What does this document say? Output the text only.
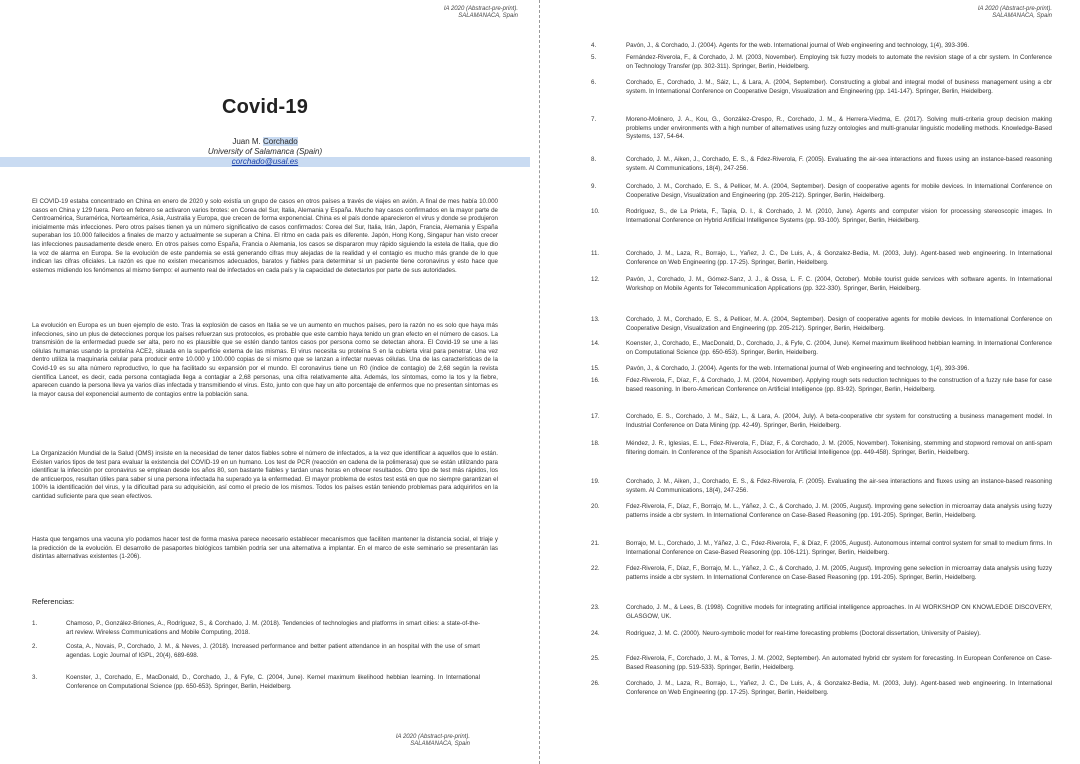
IA 2020 (Abstract-pre-print).
SALAMANACA, Spain
Covid-19
Juan M. Corchado
University of Salamanca (Spain)
corchado@usal.es

El COVID-19 estaba concentrado en China en enero de 2020 y solo existía un grupo de casos en otros países a través de viajes en avión. A final de mes había 10.000 casos en China y 129 fuera. Pero en febrero se activaron varios brotes: en Corea del Sur, Italia, Alemania y España. Mucho hay casos confirmados en la mayor parte de Centroamérica, Suramérica, Norteamérica, Asia, Australia y Europa, que crecen de forma exponencial. China es el país donde aparecieron el virus y donde se produjeron inicialmente más infecciones. Pero otros países tienen ya un número significativo de casos confirmados: Corea del Sur, Italia, Irán, Japón, Francia, Alemania y España superaban los 10.000 fallecidos a finales de marzo y actualmente se superan a China. El ritmo en cada país es diferente. Japón, Hong Kong, Singapur han visto crecer las infecciones pausadamente desde enero. En otros países como España, Francia o Alemania, los casos se dispararon muy rápido siguiendo la estela de Italia, que dio la voz de alarma en Europa. Se la evolución de este pandemia se está generando cifras muy alejadas de la realidad y el contagio es mucho más grande de lo que indican las cifras oficiales. La razón es que no existen mecanismos adecuados, baratos y fiables para determinar si un paciente tiene coronavirus y esto hace que estemos midiendo los fenómenos al mismo tiempo: el aumento real de infectados en cada país y la capacidad de detectarlos por parte de sus autoridades.

La evolución en Europa es un buen ejemplo de esto. Tras la explosión de casos en Italia se ve un aumento en muchos países, pero la razón no es solo que haya más infecciones, sino un plus de detecciones porque los países refuerzan sus protocolos, es probable que este cambio haya tenido un gran efecto en el número de casos. La transmisión de la enfermedad puede ser alta, pero no es plausible que se estén dando tantos casos por persona como se detectan ahora. El Covid-19 se une a las células humanas usando la proteína ACE2, situada en la superficie externa de las mismas. El virus necesita su proteína S en la cubierta viral para penetrar. Una vez dentro utiliza la maquinaria celular para producir entre 10.000 y 100.000 copias de sí mismo que se lanzan a infectar nuevas células. Una de las características de la Covid-19 es su alta número reproductivo, lo que ha facilitado su expansión por el mundo. El coronavirus tiene un R0 (índice de contagio) de 2,68 según la revista científica Lancet, es decir, cada persona contagiada llega a contagiar a 2,68 personas, una cifra relativamente alta. Además, los síntomas, como la tos y la fiebre, aparecen cuando la persona lleva ya varios días infectada y transmitiendo el virus. Esto, junto con que hay un alto porcentaje de enfermos que no presentan síntomas es la mayor causa del exponencial aumento de contagios entre la población sana.

La Organización Mundial de la Salud (OMS) insiste en la necesidad de tener datos fiables sobre el número de infectados, a la vez que identificar a aquellos que lo están. Existen varios tipos de test para evaluar la existencia del COVID-19 en un humano. Los test de PCR (reacción en cadena de la polimerasa) que se están utilizando para identificar la infección por coronavirus se emplean desde los años 80, son bastante fiables y tardan unas horas en ofrecer resultados. Otro tipo de test más rápidos, los de anticuerpos, resultan útiles para saber si una persona infectada ha superado ya la enfermedad. El mayor problema de estos test está en que no siempre garantizan el 100% la identificación del virus, y la dificultad para su adquisición, así como el precio de los mismos. Todos los países están teniendo problemas para adquirirlos en la cantidad suficiente para que sean efectivos.

Hasta que tengamos una vacuna y/o podamos hacer test de forma masiva parece necesario establecer mecanismos que faciliten mantener la distancia social, el triaje y la predicción de la evolución. El desarrollo de pasaportes biológicos también podría ser una alternativa a implantar. En el marco de este seminario se presentarán las distintas alternativas existentes (1-206).

Referencias:
1.	Chamoso, P., González-Briones, A., Rodríguez, S., & Corchado, J. M. (2018). Tendencies of technologies and platforms in smart cities: a state-of-the-art review. Wireless Communications and Mobile Computing, 2018.
2.	Costa, A., Novais, P., Corchado, J. M., & Neves, J. (2018). Increased performance and better patient attendance in an hospital with the use of smart agendas. Logic Journal of IGPL, 20(4), 689-698.
3.	Koenster, J., Corchado, E., MacDonald, D., Corchado, J., & Fyfe, C. (2004, June). Kernel maximum likelihood hebbian learning. In International Conference on Computational Science (pp. 650-653). Springer, Berlin, Heidelberg.
IA 2020 (Abstract-pre-print).
SALAMANACA, Spain
IA 2020 (Abstract-pre-print).
SALAMANACA, Spain
4.	Pavón, J., & Corchado, J. (2004). Agents for the web. International journal of Web engineering and technology, 1(4), 393-396.
5.	Fernández-Riverola, F., & Corchado, J. M. (2003, November). Employing tsk fuzzy models to automate the revision stage of a cbr system. In Conference on Technology Transfer (pp. 302-311). Springer, Berlin, Heidelberg.
6.	Corchado, E., Corchado, J. M., Sáiz, L., & Lara, A. (2004, September). Constructing a global and integral model of business management using a cbr system. In International Conference on Cooperative Design, Visualization and Engineering (pp. 141-147). Springer, Berlin, Heidelberg.
7.	Moreno-Molinero, J. A., Kou, G., González-Crespo, R., Corchado, J. M., & Herrera-Viedma, E. (2017). Solving multi-criteria group decision making problems under environments with a high number of alternatives using fuzzy ontologies and multi-granular linguistic modelling methods. Knowledge-Based Systems, 137, 54-64.
8.	Corchado, J. M., Aiken, J., Corchado, E. S., & Fdez-Riverola, F. (2005). Evaluating the air-sea interactions and fluxes using an instance-based reasoning system. AI Communications, 18(4), 247-256.
9.	Corchado, J. M., Corchado, E. S., & Pellicer, M. A. (2004, September). Design of cooperative agents for mobile devices. In International Conference on Cooperative Design, Visualization and Engineering (pp. 205-212). Springer, Berlin, Heidelberg.
10.	Rodríguez, S., de La Prieta, F., Tapia, D. I., & Corchado, J. M. (2010, June). Agents and computer vision for processing stereoscopic images. In International Conference on Hybrid Artificial Intelligence Systems (pp. 93-100). Springer, Berlin, Heidelberg.
11.	Corchado, J. M., Laza, R., Borrajo, L., Yañez, J. C., De Luis, A., & Gonzalez-Bedia, M. (2003, July). Agent-based web engineering. In International Conference on Web Engineering (pp. 17-25). Springer, Berlin, Heidelberg.
12.	Pavón, J., Corchado, J. M., Gómez-Sanz, J. J., & Ossa, L. F. C. (2004, October). Mobile tourist guide services with software agents. In International Workshop on Mobile Agents for Telecommunication Applications (pp. 322-330). Springer, Berlin, Heidelberg.
13.	Corchado, J. M., Corchado, E. S., & Pellicer, M. A. (2004, September). Design of cooperative agents for mobile devices. In International Conference on Cooperative Design, Visualization and Engineering (pp. 205-212). Springer, Berlin, Heidelberg.
14.	Koenster, J., Corchado, E., MacDonald, D., Corchado, J., & Fyfe, C. (2004, June). Kernel maximum likelihood hebbian learning. In International Conference on Computational Science (pp. 650-653). Springer, Berlin, Heidelberg.
15.	Pavón, J., & Corchado, J. (2004). Agents for the web. International journal of Web engineering and technology, 1(4), 393-396.
16.	Fdez-Riverola, F., Díaz, F., & Corchado, J. M. (2004, November). Applying rough sets reduction techniques to the construction of a fuzzy rule base for case based reasoning. In Ibero-American Conference on Artificial Intelligence (pp. 83-92). Springer, Berlin, Heidelberg.
17.	Corchado, E. S., Corchado, J. M., Sáiz, L., & Lara, A. (2004, July). A beta-cooperative cbr system for constructing a business management model. In Industrial Conference on Data Mining (pp. 42-49). Springer, Berlin, Heidelberg.
18.	Méndez, J. R., Iglesias, E. L., Fdez-Riverola, F., Díaz, F., & Corchado, J. M. (2005, November). Tokenising, stemming and stopword removal on anti-spam filtering domain. In Conference of the Spanish Association for Artificial Intelligence (pp. 449-458). Springer, Berlin, Heidelberg.
19.	Corchado, J. M., Aiken, J., Corchado, E. S., & Fdez-Riverola, F. (2005). Evaluating the air-sea interactions and fluxes using an instance-based reasoning system. AI Communications, 18(4), 247-256.
20.	Fdez-Riverola, F., Díaz, F., Borrajo, M. L., Yáñez, J. C., & Corchado, J. M. (2005, August). Improving gene selection in microarray data analysis using fuzzy patterns inside a cbr system. In International Conference on Case-Based Reasoning (pp. 191-205). Springer, Berlin, Heidelberg.
21.	Borrajo, M. L., Corchado, J. M., Yáñez, J. C., Fdez-Riverola, F., & Díaz, F. (2005, August). Autonomous internal control system for small to medium firms. In International Conference on Case-Based Reasoning (pp. 106-121). Springer, Berlin, Heidelberg.
22.	Fdez-Riverola, F., Díaz, F., Borrajo, M. L., Yáñez, J. C., & Corchado, J. M. (2005, August). Improving gene selection in microarray data analysis using fuzzy patterns inside a cbr system. In International Conference on Case-Based Reasoning (pp. 191-205). Springer, Berlin, Heidelberg.
23.	Corchado, J. M., & Lees, B. (1998). Cognitive models for integrating artificial intelligence approaches. In AI WORKSHOP ON KNOWLEDGE DISCOVERY, GLASGOW, UK.
24.	Rodríguez, J. M. C. (2000). Neuro-symbolic model for real-time forecasting problems (Doctoral dissertation, University of Paisley).
25.	Fdez-Riverola, F., Corchado, J. M., & Torres, J. M. (2002, September). An automated hybrid cbr system for forecasting. In European Conference on Case-Based Reasoning (pp. 519-533). Springer, Berlin, Heidelberg.
26.	Corchado, J. M., Laza, R., Borrajo, L., Yañez, J. C., De Luis, A., & Gonzalez-Bedia, M. (2003, July). Agent-based web engineering. In International Conference on Web Engineering (pp. 17-25). Springer, Berlin, Heidelberg.
